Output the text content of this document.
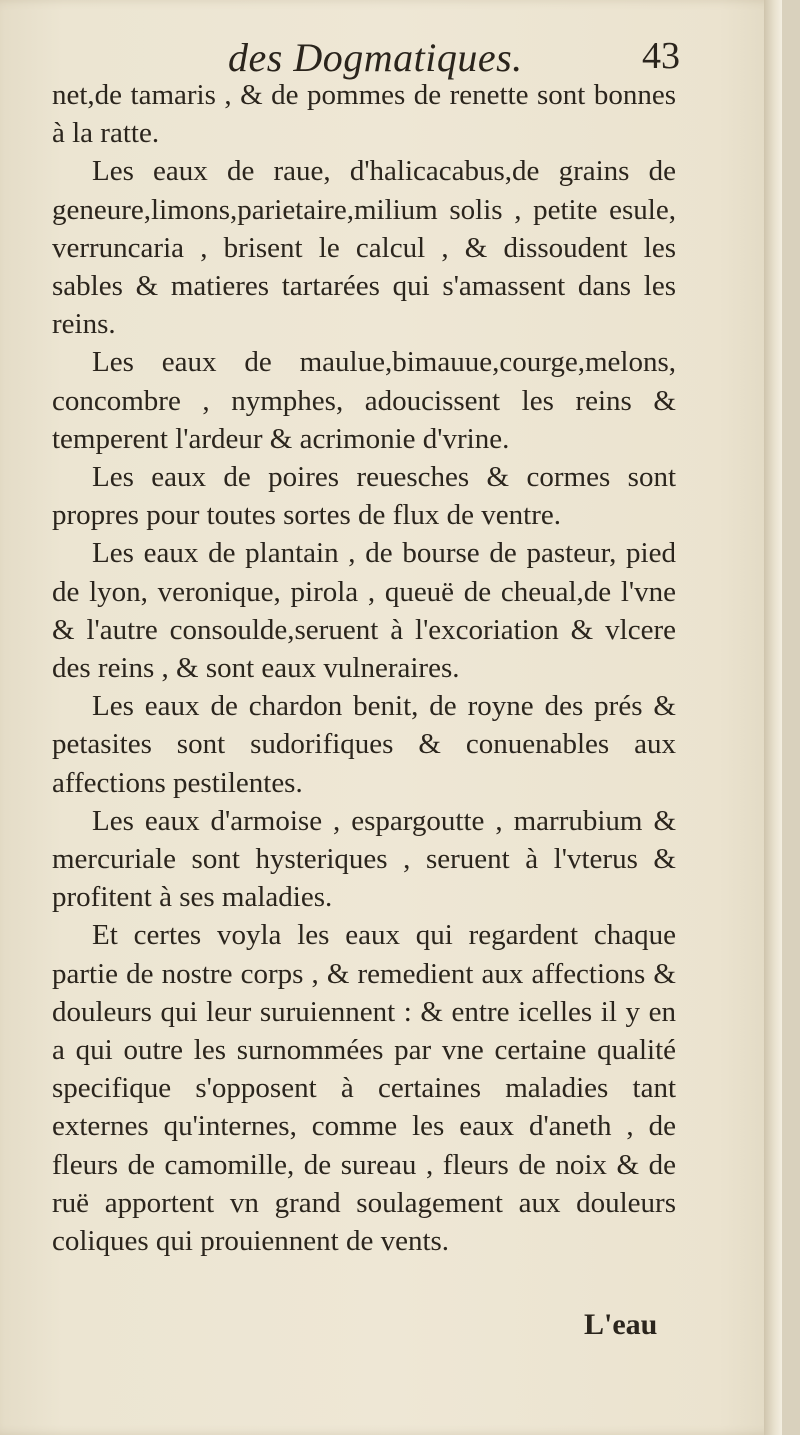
des Dogmatiques.	43

net,de tamaris , & de pommes de renette sont bonnes à la ratte.

Les eaux de raue, d'halicacabus,de grains de geneure,limons,parietaire,milium solis , petite esule, verruncaria , brisent le calcul , & dissoudent les sables & matieres tartarées qui s'amassent dans les reins.

Les eaux de maulue,bimauue,courge,melons, concombre , nymphes, adoucissent les reins & temperent l'ardeur & acrimonie d'vrine.

Les eaux de poires reuesches & cormes sont propres pour toutes sortes de flux de ventre.

Les eaux de plantain , de bourse de pasteur, pied de lyon, veronique, pirola , queuë de cheual,de l'vne & l'autre consoulde,seruent à l'excoriation & vlcere des reins , & sont eaux vulneraires.

Les eaux de chardon benit, de royne des prés & petasites sont sudorifiques & conuenables aux affections pestilentes.

Les eaux d'armoise , espargoutte , marrubium & mercuriale sont hysteriques , seruent à l'vterus & profitent à ses maladies.

Et certes voyla les eaux qui regardent chaque partie de nostre corps , & remedient aux affections & douleurs qui leur suruiennent : & entre icelles il y en a qui outre les surnommées par vne certaine qualité specifique s'opposent à certaines maladies tant externes qu'internes, comme les eaux d'aneth , de fleurs de camomille, de sureau , fleurs de noix & de ruë apportent vn grand soulagement aux douleurs coliques qui prouiennent de vents.

L'eau
